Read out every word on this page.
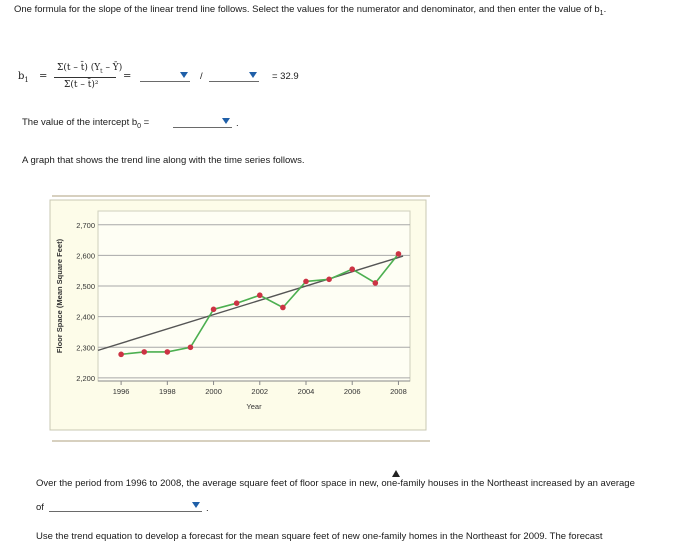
One formula for the slope of the linear trend line follows. Select the values for the numerator and denominator, and then enter the value of $b_1$.
$b_1$ =
Σ(t – t̄) ($Y_t$ – Ȳ)
Σ(t – t̄)²
=	/	= 32.9
The value of the intercept $b_0$ =	.
A graph that shows the trend line along with the time series follows.
2,200
2,300
2,400
2,500
2,600
2,700
1996	1998	2000	2002	2004	2006	2008
Year
Floor Space (Mean Square Feet)
Over the period from 1996 to 2008, the average square feet of floor space in new, one-family houses in the Northeast increased by an average
of	.
Use the trend equation to develop a forecast for the mean square feet of new one-family homes in the Northeast for 2009. The forecast
